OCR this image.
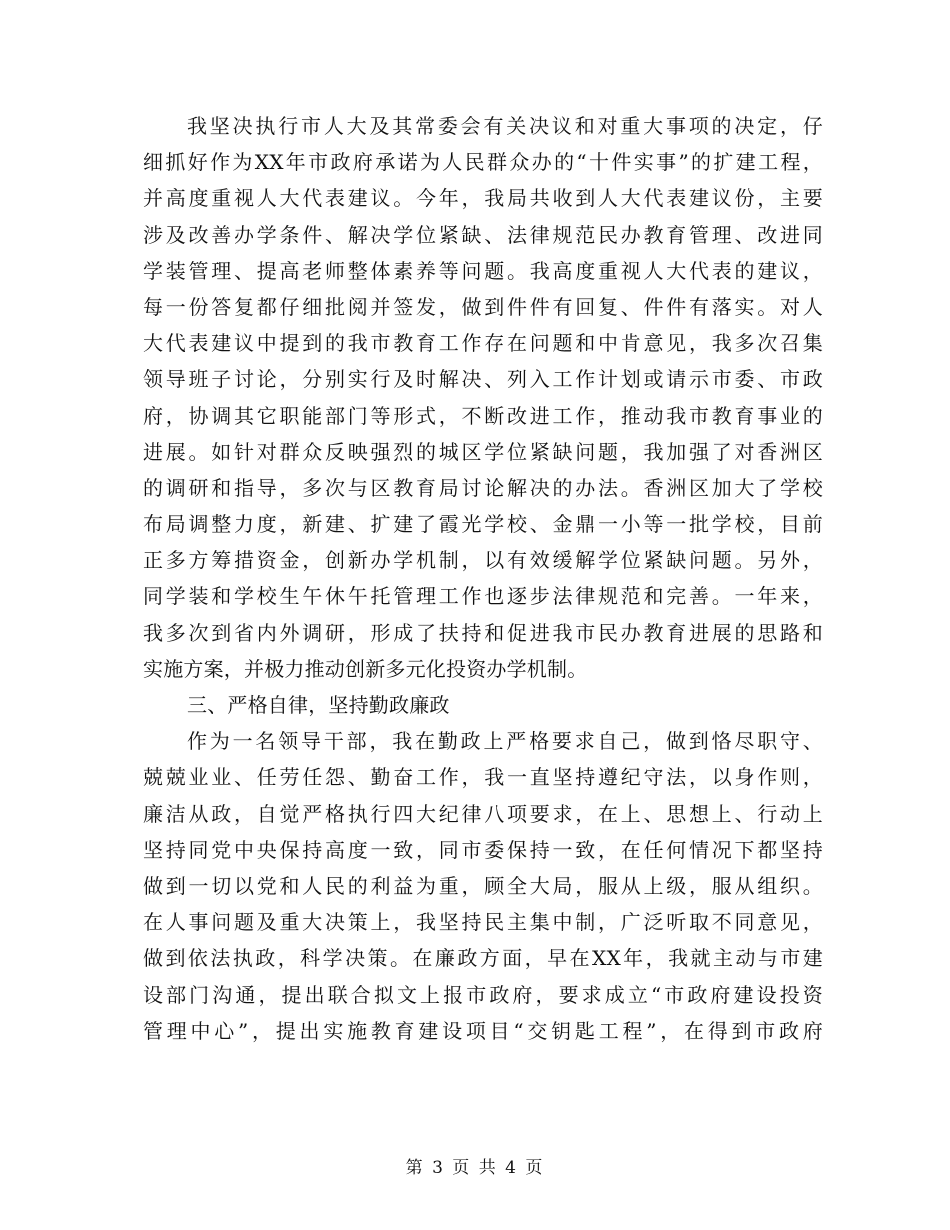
我坚决执行市人大及其常委会有关决议和对重大事项的决定，仔
细抓好作为XX年市政府承诺为人民群众办的“十件实事”的扩建工程，
并高度重视人大代表建议。今年，我局共收到人大代表建议份，主要
涉及改善办学条件、解决学位紧缺、法律规范民办教育管理、改进同
学装管理、提高老师整体素养等问题。我高度重视人大代表的建议，
每一份答复都仔细批阅并签发，做到件件有回复、件件有落实。对人
大代表建议中提到的我市教育工作存在问题和中肯意见，我多次召集
领导班子讨论，分别实行及时解决、列入工作计划或请示市委、市政
府，协调其它职能部门等形式，不断改进工作，推动我市教育事业的
进展。如针对群众反映强烈的城区学位紧缺问题，我加强了对香洲区
的调研和指导，多次与区教育局讨论解决的办法。香洲区加大了学校
布局调整力度，新建、扩建了霞光学校、金鼎一小等一批学校，目前
正多方筹措资金，创新办学机制，以有效缓解学位紧缺问题。另外，
同学装和学校生午休午托管理工作也逐步法律规范和完善。一年来，
我多次到省内外调研，形成了扶持和促进我市民办教育进展的思路和
实施方案，并极力推动创新多元化投资办学机制。
三、严格自律，坚持勤政廉政
作为一名领导干部，我在勤政上严格要求自己，做到恪尽职守、
兢兢业业、任劳任怨、勤奋工作，我一直坚持遵纪守法，以身作则，
廉洁从政，自觉严格执行四大纪律八项要求，在上、思想上、行动上
坚持同党中央保持高度一致，同市委保持一致，在任何情况下都坚持
做到一切以党和人民的利益为重，顾全大局，服从上级，服从组织。
在人事问题及重大决策上，我坚持民主集中制，广泛听取不同意见，
做到依法执政，科学决策。在廉政方面，早在XX年，我就主动与市建
设部门沟通，提出联合拟文上报市政府，要求成立“市政府建设投资
管理中心”，提出实施教育建设项目“交钥匙工程”，在得到市政府
第 3 页 共 4 页
